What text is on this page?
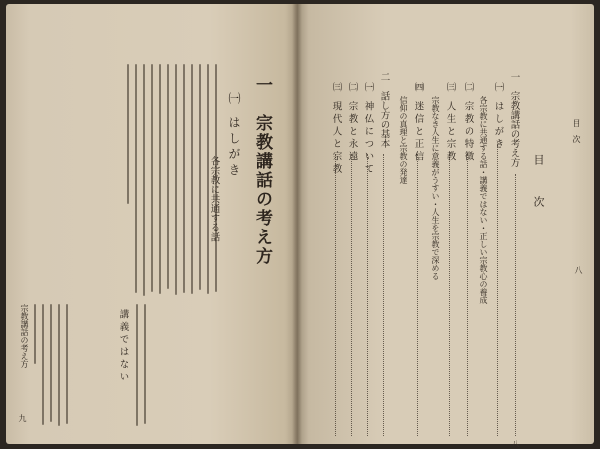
宗教講話の考え方
九
一　宗教講話の考え方
㈠　は し が き
各宗教に共通する話
講 義 で は な い
目　次
八
目　次
一　宗教講話の考え方
八
㈠　は し が き
各宗教に共通する話・講義ではない・正しい宗教心の養成
㈡　宗 教 の 特 徴
㈢　人 生 と 宗 教
宗教なき人生に意義がうすい・人生を宗教で深める
㈣　迷 信 と 正 信
信仰の真理と宗教の発達
二　話し方の基本
㈠　神 仏 に つ い て
㈡　宗 教 と 永 遠
㈢　現 代 人 と 宗 教
